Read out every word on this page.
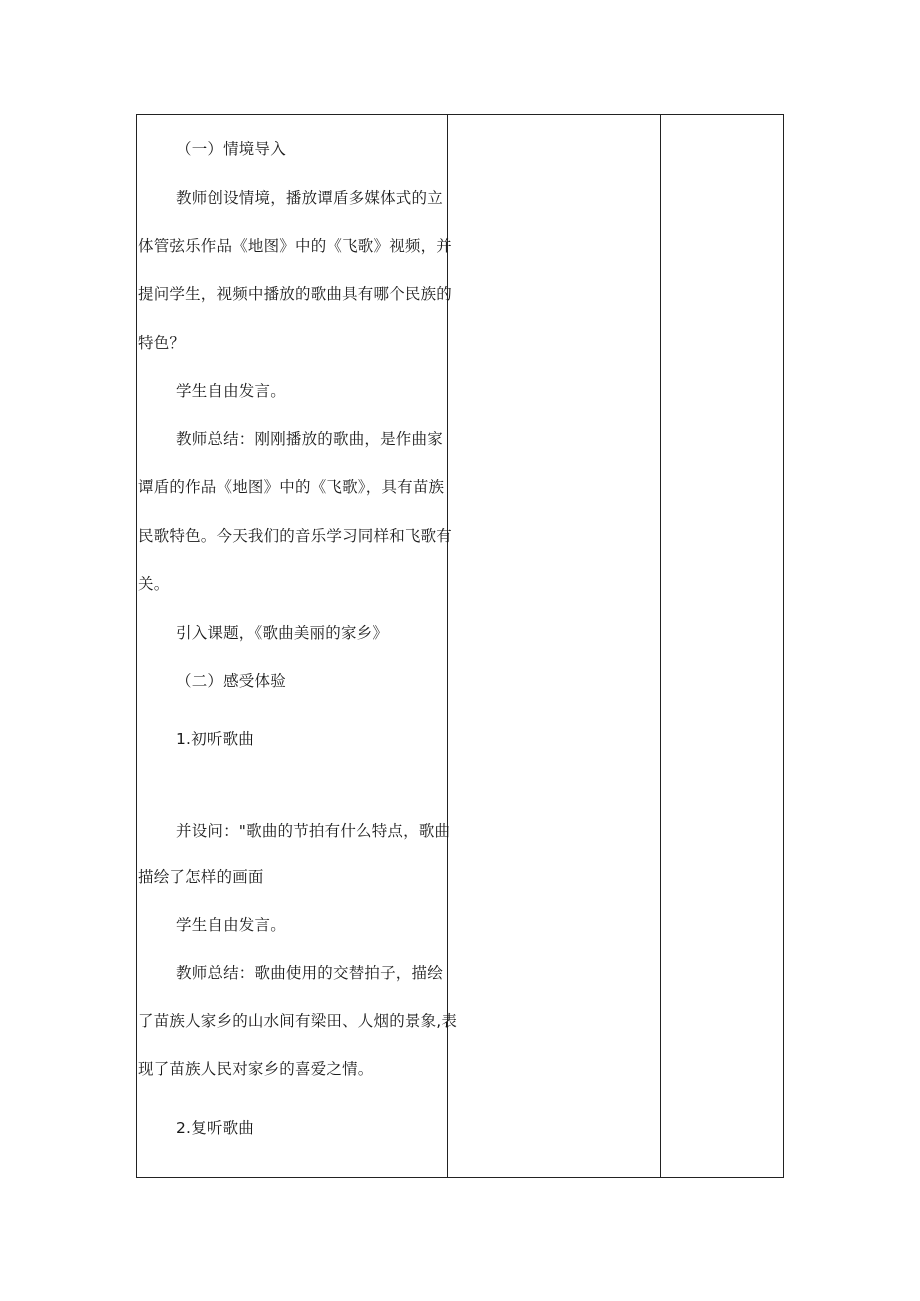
（一）情境导入
教师创设情境，播放谭盾多媒体式的立
体管弦乐作品《地图》中的《飞歌》视频，并
提问学生，视频中播放的歌曲具有哪个民族的
特色？
学生自由发言。
教师总结：刚刚播放的歌曲，是作曲家
谭盾的作品《地图》中的《飞歌》，具有苗族
民歌特色。今天我们的音乐学习同样和飞歌有
关。
引入课题，《歌曲美丽的家乡》
（二）感受体验
1.初听歌曲
并设问："歌曲的节拍有什么特点，歌曲
描绘了怎样的画面
学生自由发言。
教师总结：歌曲使用的交替拍子，描绘
了苗族人家乡的山水间有梁田、人烟的景象,表
现了苗族人民对家乡的喜爱之情。
2.复听歌曲
